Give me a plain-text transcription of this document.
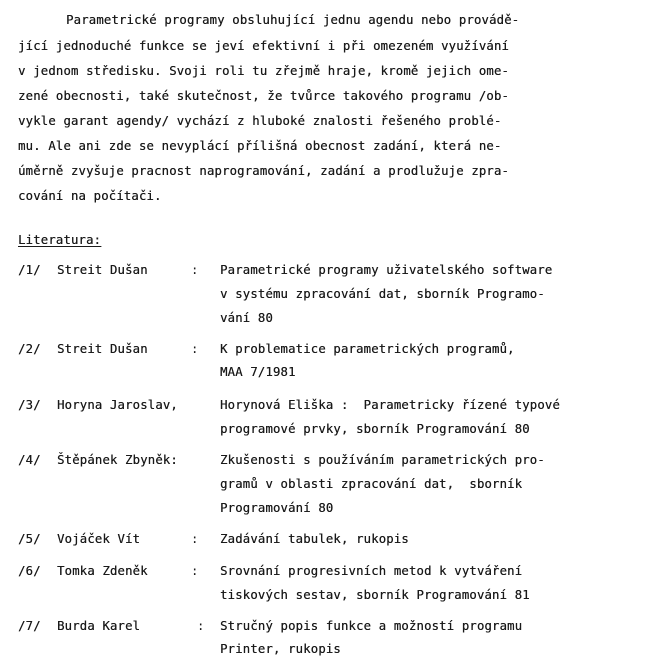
Parametrické programy obsluhující jednu agendu nebo provádě-
jící jednoduché funkce se jeví efektivní i při omezeném využívání
v jednom středisku. Svoji roli tu zřejmě hraje, kromě jejich ome-
zené obecnosti, také skutečnost, že tvůrce takového programu /ob-
vykle garant agendy/ vychází z hluboké znalosti řešeného problé-
mu. Ale ani zde se nevyplácí přílišná obecnost zadání, která ne-
úměrně zvyšuje pracnost naprogramování, zadání a prodlužuje zpra-
cování na počítači.
Literatura:
/1/ Streit Dušan	: Parametrické programy uživatelského software
v systému zpracování dat, sborník Programo-
vání 80
/2/ Streit Dušan	: K problematice parametrických programů,
MAA 7/1981
/3/ Horyna Jaroslav,	Horynová Eliška :  Parametricky řízené typové
programové prvky, sborník Programování 80
/4/ Štěpánek Zbyněk:	Zkušenosti s používáním parametrických pro-
gramů v oblasti zpracování dat,  sborník
Programování 80
/5/ Vojáček Vít	: Zadávání tabulek, rukopis
/6/ Tomka Zdeněk	: Srovnání progresivních metod k vytváření
tiskových sestav, sborník Programování 81
/7/ Burda Karel	: Stručný popis funkce a možností programu
Printer, rukopis
